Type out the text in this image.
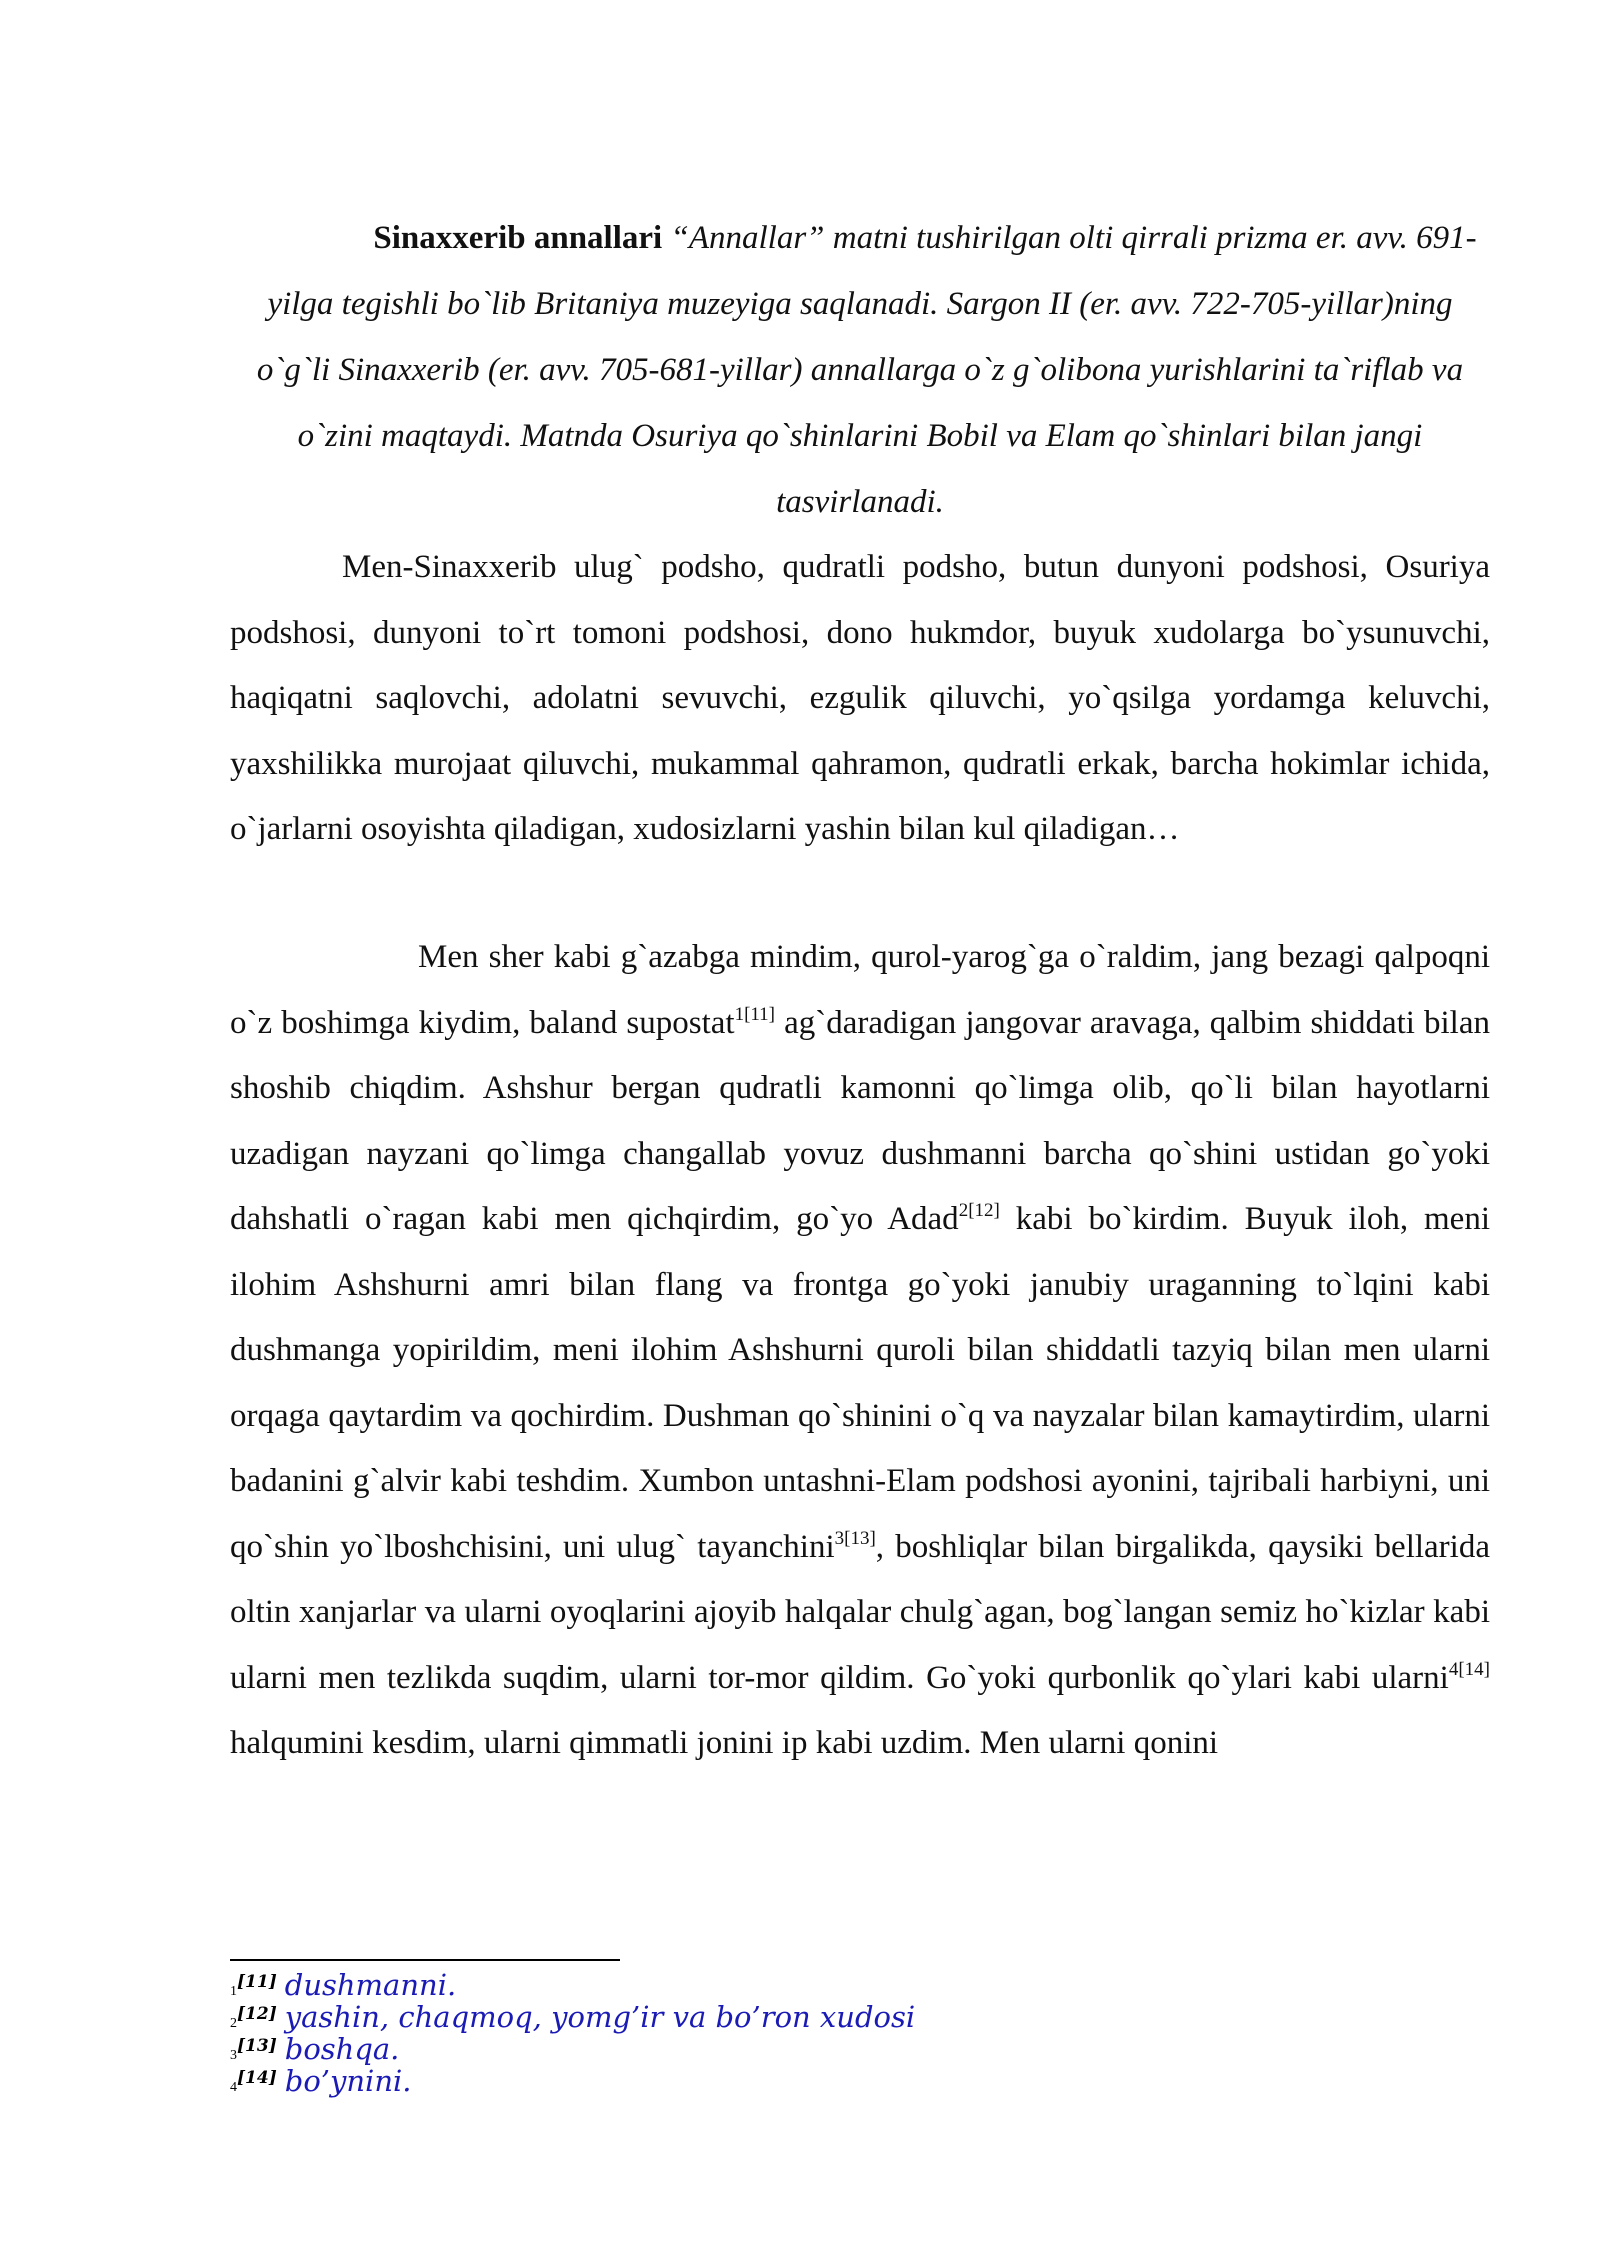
Sinaxxerib annallari “Annallar” matni tushirilgan olti qirrali prizma er. avv. 691-yilga tegishli bo`lib Britaniya muzeyiga saqlanadi. Sargon II (er. avv. 722-705-yillar)ning o`g`li Sinaxxerib (er. avv. 705-681-yillar) annallarga o`z g`olibona yurishlarini ta`riflab va o`zini maqtaydi. Matnda Osuriya qo`shinlarini Bobil va Elam qo`shinlari bilan jangi tasvirlanadi.

Men-Sinaxxerib ulug` podsho, qudratli podsho, butun dunyoni podshosi, Osuriya podshosi, dunyoni to`rt tomoni podshosi, dono hukmdor, buyuk xudolarga bo`ysunuvchi, haqiqatni saqlovchi, adolatni sevuvchi, ezgulik qiluvchi, yo`qsilga yordamga keluvchi, yaxshilikka murojaat qiluvchi, mukammal qahramon, qudratli erkak, barcha hokimlar ichida, o`jarlarni osoyishta qiladigan, xudosizlarni yashin bilan kul qiladigan…

Men sher kabi g`azabga mindim, qurol-yarog`ga o`raldim, jang bezagi qalpoqni o`z boshimga kiydim, baland supostat$^{1[11]}$ ag`daradigan jangovar aravaga, qalbim shiddati bilan shoshib chiqdim. Ashshur bergan qudratli kamonni qo`limga olib, qo`li bilan hayotlarni uzadigan nayzani qo`limga changallab yovuz dushmanni barcha qo`shini ustidan go`yoki dahshatli o`ragan kabi men qichqirdim, go`yo Adad$^{2[12]}$ kabi bo`kirdim. Buyuk iloh, meni ilohim Ashshurni amri bilan flang va frontga go`yoki janubiy uraganning to`lqini kabi dushmanga yopirildim, meni ilohim Ashshurni quroli bilan shiddatli tazyiq bilan men ularni orqaga qaytardim va qochirdim. Dushman qo`shinini o`q va nayzalar bilan kamaytirdim, ularni badanini g`alvir kabi teshdim. Xumbon untashni-Elam podshosi ayonini, tajribali harbiyni, uni qo`shin yo`lboshchisini, uni ulug` tayanchini$^{3[13]}$, boshliqlar bilan birgalikda, qaysiki bellarida oltin xanjarlar va ularni oyoqlarini ajoyib halqalar chulg`agan, bog`langan semiz ho`kizlar kabi ularni men tezlikda suqdim, ularni tor-mor qildim. Go`yoki qurbonlik qo`ylari kabi ularni$^{4[14]}$ halqumini kesdim, ularni qimmatli jonini ip kabi uzdim. Men ularni qonini

1 [11] dushmanni.
2 [12] yashin, chaqmoq, yomg’ir va bo’ron xudosi
3 [13] boshqa.
4 [14] bo’ynini.
